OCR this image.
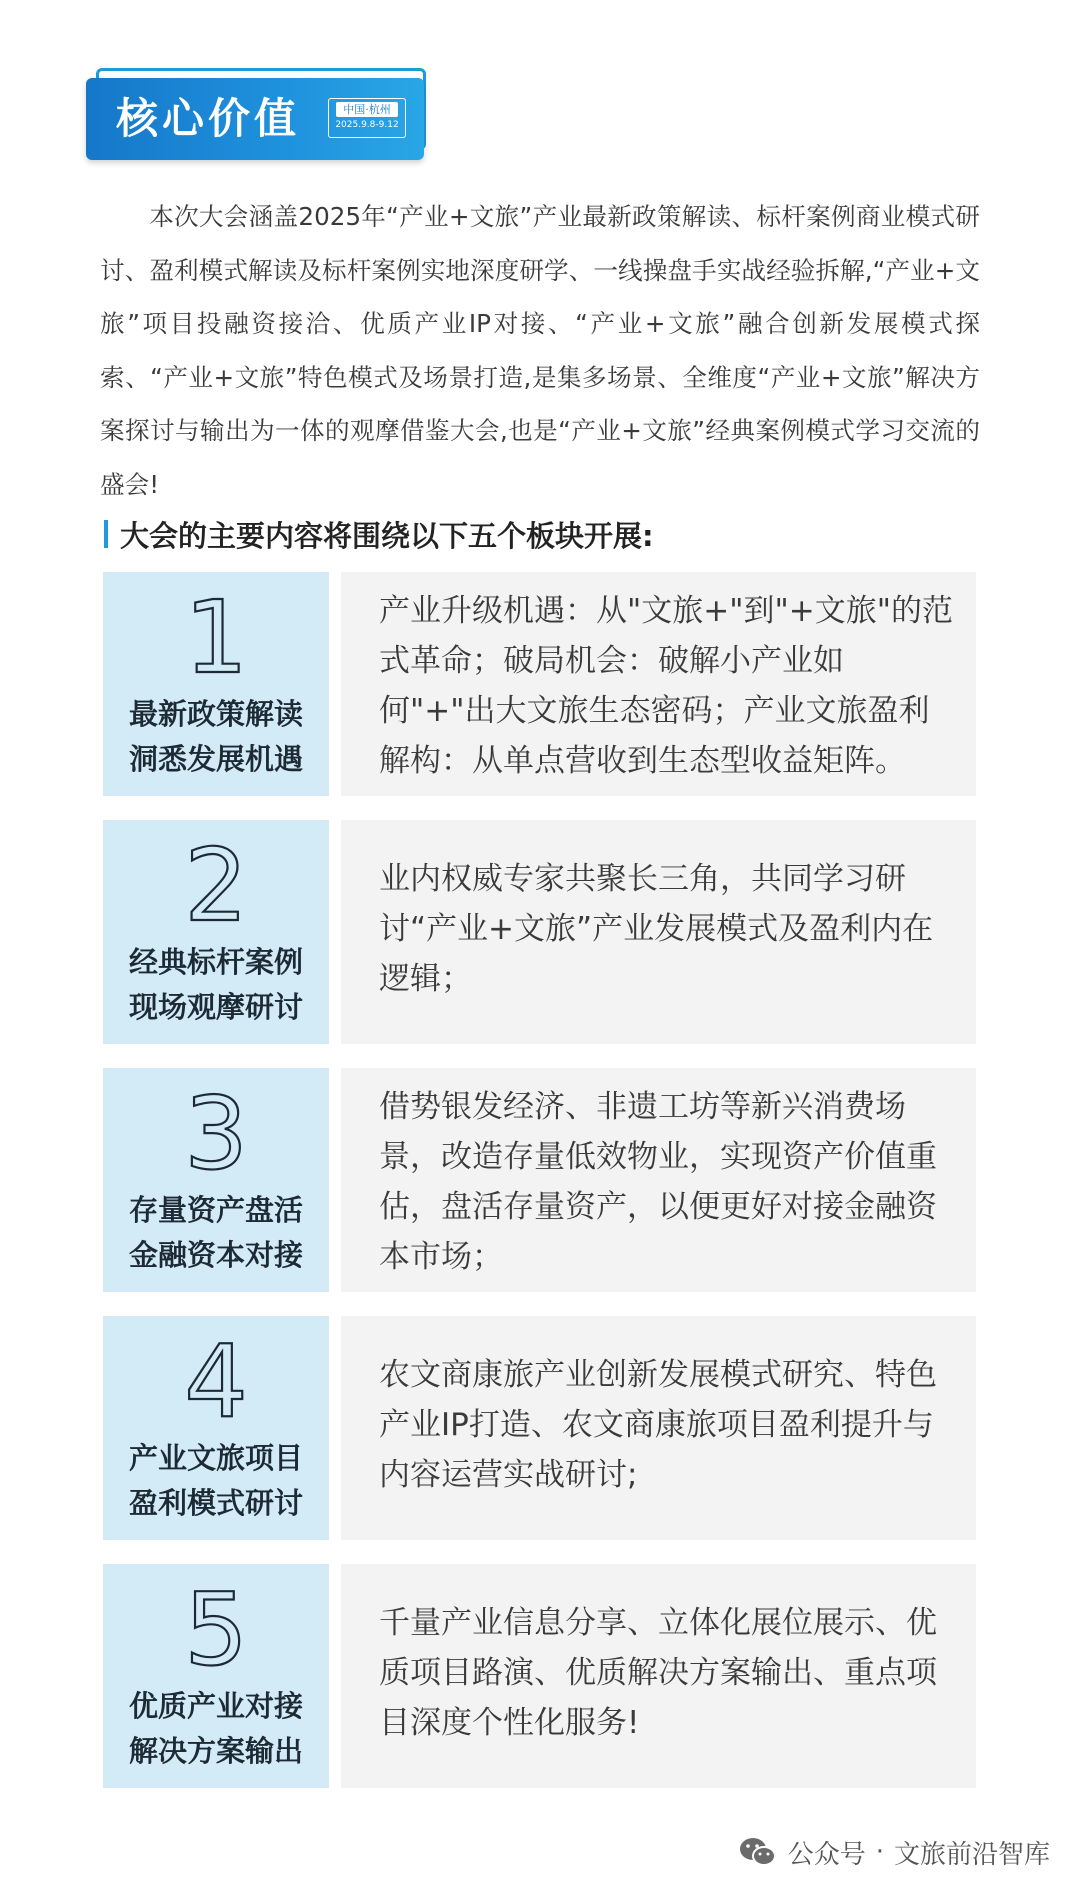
核心价值	中国·杭州
2025.9.8-9.12

本次大会涵盖2025年“产业+文旅”产业最新政策解读、标杆案例商业模式研讨、盈利模式解读及标杆案例实地深度研学、一线操盘手实战经验拆解,“产业+文旅”项目投融资接洽、优质产业IP对接、“产业+文旅”融合创新发展模式探索、“产业+文旅”特色模式及场景打造,是集多场景、全维度“产业+文旅”解决方案探讨与输出为一体的观摩借鉴大会,也是“产业+文旅”经典案例模式学习交流的盛会!

大会的主要内容将围绕以下五个板块开展:
1
最新政策解读
洞悉发展机遇

产业升级机遇：从"文旅+"到"+文旅"的范式革命；破局机会：破解小产业如何"+"出大文旅生态密码；产业文旅盈利解构：从单点营收到生态型收益矩阵。

2
经典标杆案例
现场观摩研讨

业内权威专家共聚长三角，共同学习研讨“产业+文旅”产业发展模式及盈利内在逻辑；

3
存量资产盘活
金融资本对接

借势银发经济、非遗工坊等新兴消费场景，改造存量低效物业，实现资产价值重估，盘活存量资产，以便更好对接金融资本市场；

4
产业文旅项目
盈利模式研讨

农文商康旅产业创新发展模式研究、特色产业IP打造、农文商康旅项目盈利提升与内容运营实战研讨;

5
优质产业对接
解决方案输出

千量产业信息分享、立体化展位展示、优质项目路演、优质解决方案输出、重点项目深度个性化服务!

公众号 · 文旅前沿智库
